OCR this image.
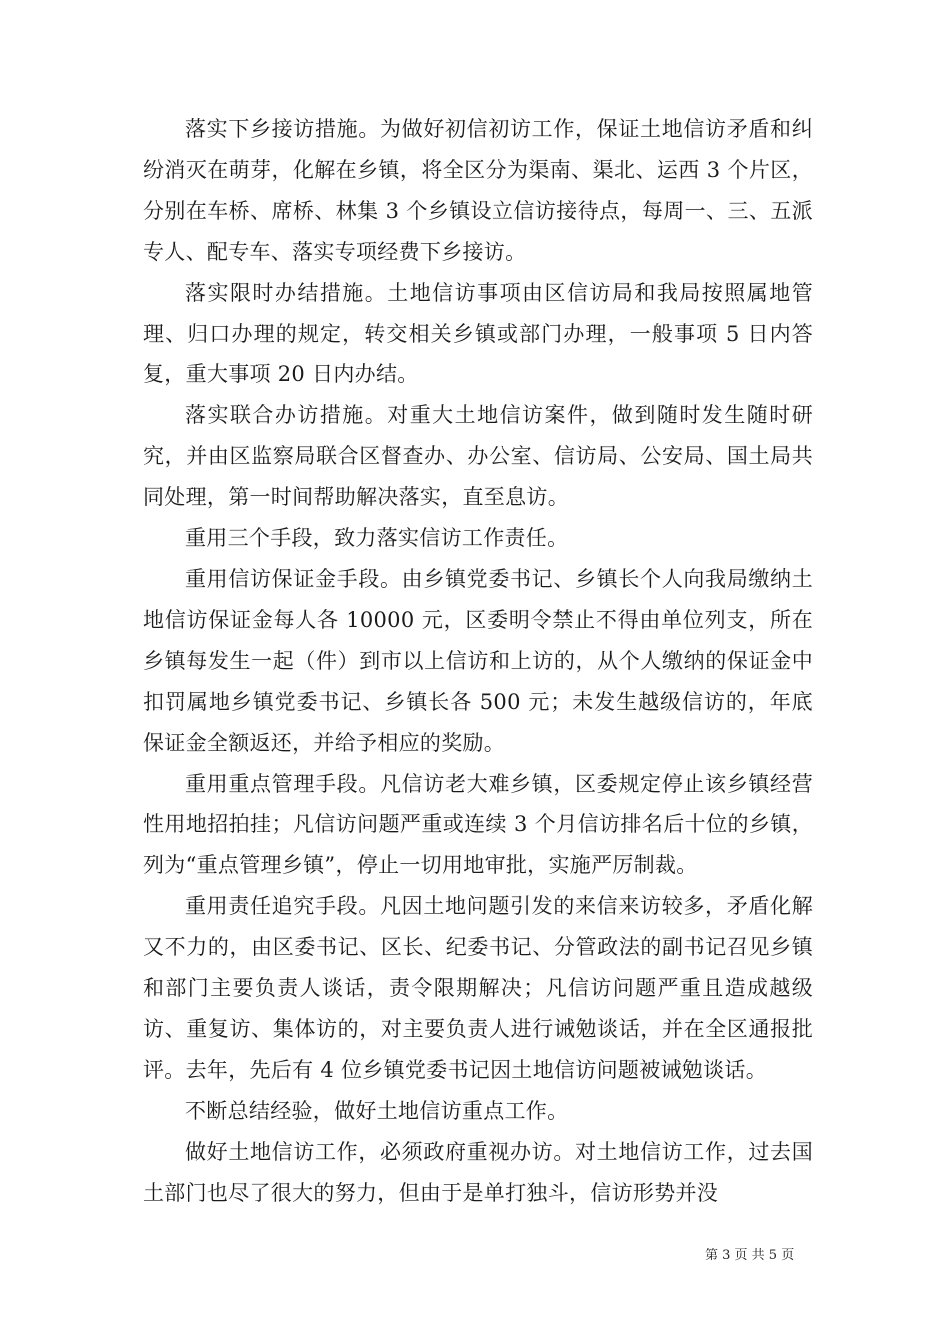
落实下乡接访措施。为做好初信初访工作，保证土地信访矛盾和纠纷消灭在萌芽，化解在乡镇，将全区分为渠南、渠北、运西 3 个片区，分别在车桥、席桥、林集 3 个乡镇设立信访接待点，每周一、三、五派专人、配专车、落实专项经费下乡接访。

落实限时办结措施。土地信访事项由区信访局和我局按照属地管理、归口办理的规定，转交相关乡镇或部门办理，一般事项 5 日内答复，重大事项 20 日内办结。

落实联合办访措施。对重大土地信访案件，做到随时发生随时研究，并由区监察局联合区督查办、办公室、信访局、公安局、国土局共同处理，第一时间帮助解决落实，直至息访。

重用三个手段，致力落实信访工作责任。

重用信访保证金手段。由乡镇党委书记、乡镇长个人向我局缴纳土地信访保证金每人各 10000 元，区委明令禁止不得由单位列支，所在乡镇每发生一起（件）到市以上信访和上访的，从个人缴纳的保证金中扣罚属地乡镇党委书记、乡镇长各 500 元；未发生越级信访的，年底保证金全额返还，并给予相应的奖励。

重用重点管理手段。凡信访老大难乡镇，区委规定停止该乡镇经营性用地招拍挂；凡信访问题严重或连续 3 个月信访排名后十位的乡镇，列为“重点管理乡镇”，停止一切用地审批，实施严厉制裁。

重用责任追究手段。凡因土地问题引发的来信来访较多，矛盾化解又不力的，由区委书记、区长、纪委书记、分管政法的副书记召见乡镇和部门主要负责人谈话，责令限期解决；凡信访问题严重且造成越级访、重复访、集体访的，对主要负责人进行诫勉谈话，并在全区通报批评。去年，先后有 4 位乡镇党委书记因土地信访问题被诫勉谈话。

不断总结经验，做好土地信访重点工作。

做好土地信访工作，必须政府重视办访。对土地信访工作，过去国土部门也尽了很大的努力，但由于是单打独斗，信访形势并没

第 3 页 共 5 页
